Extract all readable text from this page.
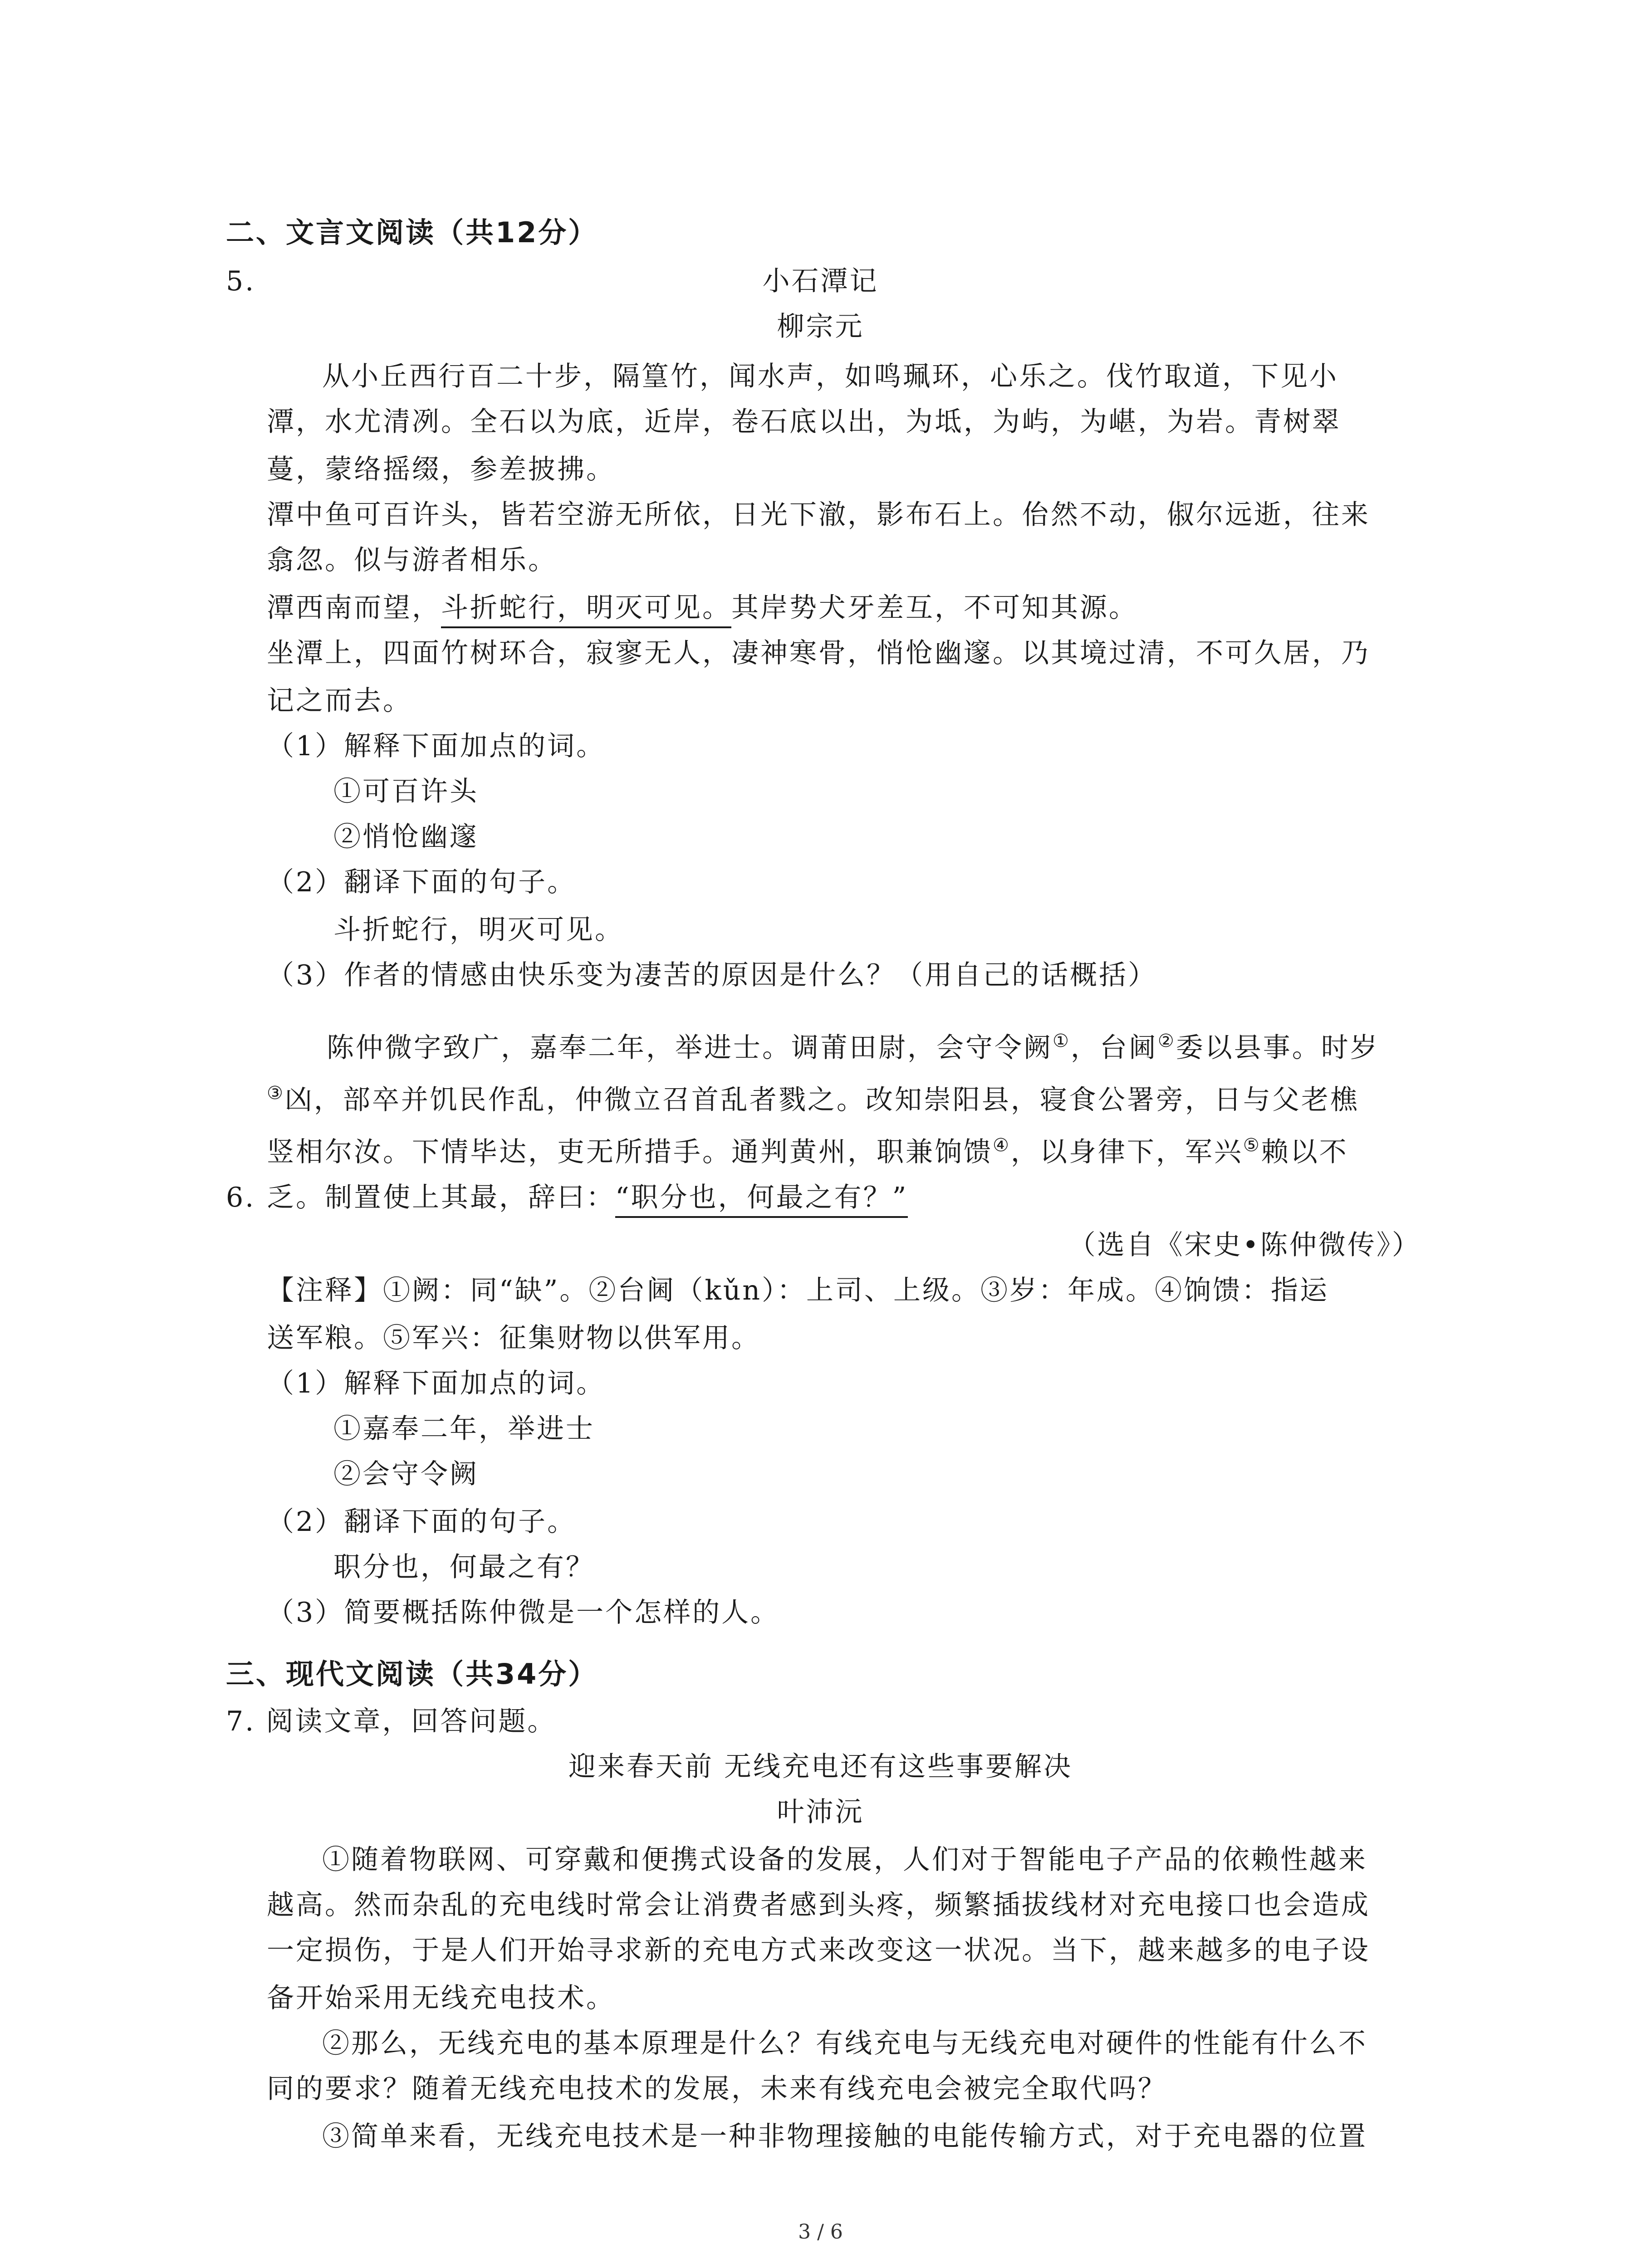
二、文言文阅读（共12分）
5.	小石潭记
柳宗元
从小丘西行百二十步，隔篁竹，闻水声，如鸣珮环，心乐之。伐竹取道，下见小
潭，水尤清冽。全石以为底，近岸，卷石底以出，为坻，为屿，为嵁，为岩。青树翠
蔓，蒙络摇缀，参差披拂。
潭中鱼可百许头，皆若空游无所依，日光下澈，影布石上。佁然不动，俶尔远逝，往来
翕忽。似与游者相乐。
潭西南而望，斗折蛇行，明灭可见。其岸势犬牙差互，不可知其源。
坐潭上，四面竹树环合，寂寥无人，凄神寒骨，悄怆幽邃。以其境过清，不可久居，乃
记之而去。
（1）解释下面加点的词。
①可百许头
②悄怆幽邃
（2）翻译下面的句子。
斗折蛇行，明灭可见。
（3）作者的情感由快乐变为凄苦的原因是什么？（用自己的话概括）
陈仲微字致广，嘉奉二年，举进士。调莆田尉，会守令阙①，台阃②委以县事。时岁
③凶，部卒并饥民作乱，仲微立召首乱者戮之。改知崇阳县，寝食公署旁，日与父老樵
竖相尔汝。下情毕达，吏无所措手。通判黄州，职兼饷馈④，以身律下，军兴⑤赖以不
6. 乏。制置使上其最，辞曰：“职分也，何最之有？”
（选自《宋史•陈仲微传》）
【注释】①阙：同“缺”。②台阃（kǔn）：上司、上级。③岁：年成。④饷馈：指运
送军粮。⑤军兴：征集财物以供军用。
（1）解释下面加点的词。
①嘉奉二年，举进士
②会守令阙
（2）翻译下面的句子。
职分也，何最之有？
（3）简要概括陈仲微是一个怎样的人。
三、现代文阅读（共34分）
7. 阅读文章，回答问题。
迎来春天前 无线充电还有这些事要解决
叶沛沅
①随着物联网、可穿戴和便携式设备的发展，人们对于智能电子产品的依赖性越来
越高。然而杂乱的充电线时常会让消费者感到头疼，频繁插拔线材对充电接口也会造成
一定损伤，于是人们开始寻求新的充电方式来改变这一状况。当下，越来越多的电子设
备开始采用无线充电技术。
②那么，无线充电的基本原理是什么？有线充电与无线充电对硬件的性能有什么不
同的要求？随着无线充电技术的发展，未来有线充电会被完全取代吗？
③简单来看，无线充电技术是一种非物理接触的电能传输方式，对于充电器的位置
3 / 6
